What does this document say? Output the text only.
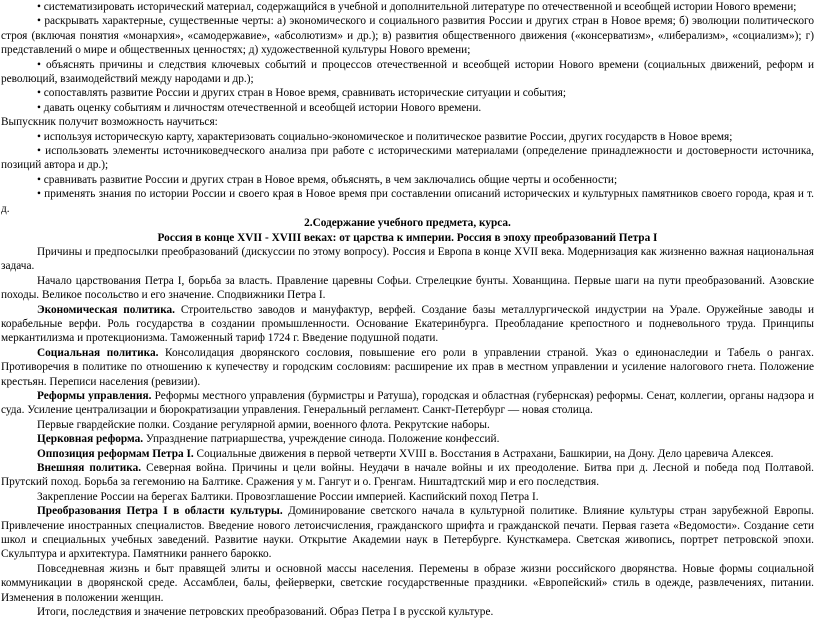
• систематизировать исторический материал, содержащийся в учебной и дополнительной литературе по отечественной и всеобщей истории Нового времени;

• раскрывать характерные, существенные черты: а) экономического и социального развития России и других стран в Новое время; б) эволюции политического строя (включая понятия «монархия», «самодержавие», «абсолютизм» и др.); в) развития общественного движения («консерватизм», «либерализм», «социализм»); г) представлений о мире и общественных ценностях; д) художественной культуры Нового времени;

• объяснять причины и следствия ключевых событий и процессов отечественной и всеобщей истории Нового времени (социальных движений, реформ и революций, взаимодействий между народами и др.);

• сопоставлять развитие России и других стран в Новое время, сравнивать исторические ситуации и события;

• давать оценку событиям и личностям отечественной и всеобщей истории Нового времени.

Выпускник получит возможность научиться:

• используя историческую карту, характеризовать социально-экономическое и политическое развитие России, других государств в Новое время;

• использовать элементы источниковедческого анализа при работе с историческими материалами (определение принадлежности и достоверности источника, позиций автора и др.);

• сравнивать развитие России и других стран в Новое время, объяснять, в чем заключались общие черты и особенности;

• применять знания по истории России и своего края в Новое время при составлении описаний исторических и культурных памятников своего города, края и т. д.

2.Содержание учебного предмета, курса.

Россия в конце XVII - XVIII веках: от царства к империи. Россия в эпоху преобразований Петра I

Причины и предпосылки преобразований (дискуссии по этому вопросу). Россия и Европа в конце XVII века. Модернизация как жизненно важная национальная задача.

Начало царствования Петра I, борьба за власть. Правление царевны Софьи. Стрелецкие бунты. Хованщина. Первые шаги на пути преобразований. Азовские походы. Великое посольство и его значение. Сподвижники Петра I.

Экономическая политика. Строительство заводов и мануфактур, верфей. Создание базы металлургической индустрии на Урале. Оружейные заводы и корабельные верфи. Роль государства в создании промышленности. Основание Екатеринбурга. Преобладание крепостного и подневольного труда. Принципы меркантилизма и протекционизма. Таможенный тариф 1724 г. Введение подушной подати.

Социальная политика. Консолидация дворянского сословия, повышение его роли в управлении страной. Указ о единонаследии и Табель о рангах. Противоречия в политике по отношению к купечеству и городским сословиям: расширение их прав в местном управлении и усиление налогового гнета. Положение крестьян. Переписи населения (ревизии).

Реформы управления. Реформы местного управления (бурмистры и Ратуша), городская и областная (губернская) реформы. Сенат, коллегии, органы надзора и суда. Усиление централизации и бюрократизации управления. Генеральный регламент. Санкт-Петербург — новая столица.

Первые гвардейские полки. Создание регулярной армии, военного флота. Рекрутские наборы.

Церковная реформа. Упразднение патриаршества, учреждение синода. Положение конфессий.

Оппозиция реформам Петра I. Социальные движения в первой четверти XVIII в. Восстания в Астрахани, Башкирии, на Дону. Дело царевича Алексея.

Внешняя политика. Северная война. Причины и цели войны. Неудачи в начале войны и их преодоление. Битва при д. Лесной и победа под Полтавой. Прутский поход. Борьба за гегемонию на Балтике. Сражения у м. Гангут и о. Гренгам. Ништадтский мир и его последствия.

Закрепление России на берегах Балтики. Провозглашение России империей. Каспийский поход Петра I.

Преобразования Петра I в области культуры. Доминирование светского начала в культурной политике. Влияние культуры стран зарубежной Европы. Привлечение иностранных специалистов. Введение нового летоисчисления, гражданского шрифта и гражданской печати. Первая газета «Ведомости». Создание сети школ и специальных учебных заведений. Развитие науки. Открытие Академии наук в Петербурге. Кунсткамера. Светская живопись, портрет петровской эпохи. Скульптура и архитектура. Памятники раннего барокко.

Повседневная жизнь и быт правящей элиты и основной массы населения. Перемены в образе жизни российского дворянства. Новые формы социальной коммуникации в дворянской среде. Ассамблеи, балы, фейерверки, светские государственные праздники. «Европейский» стиль в одежде, развлечениях, питании. Изменения в положении женщин.

Итоги, последствия и значение петровских преобразований. Образ Петра I в русской культуре.
